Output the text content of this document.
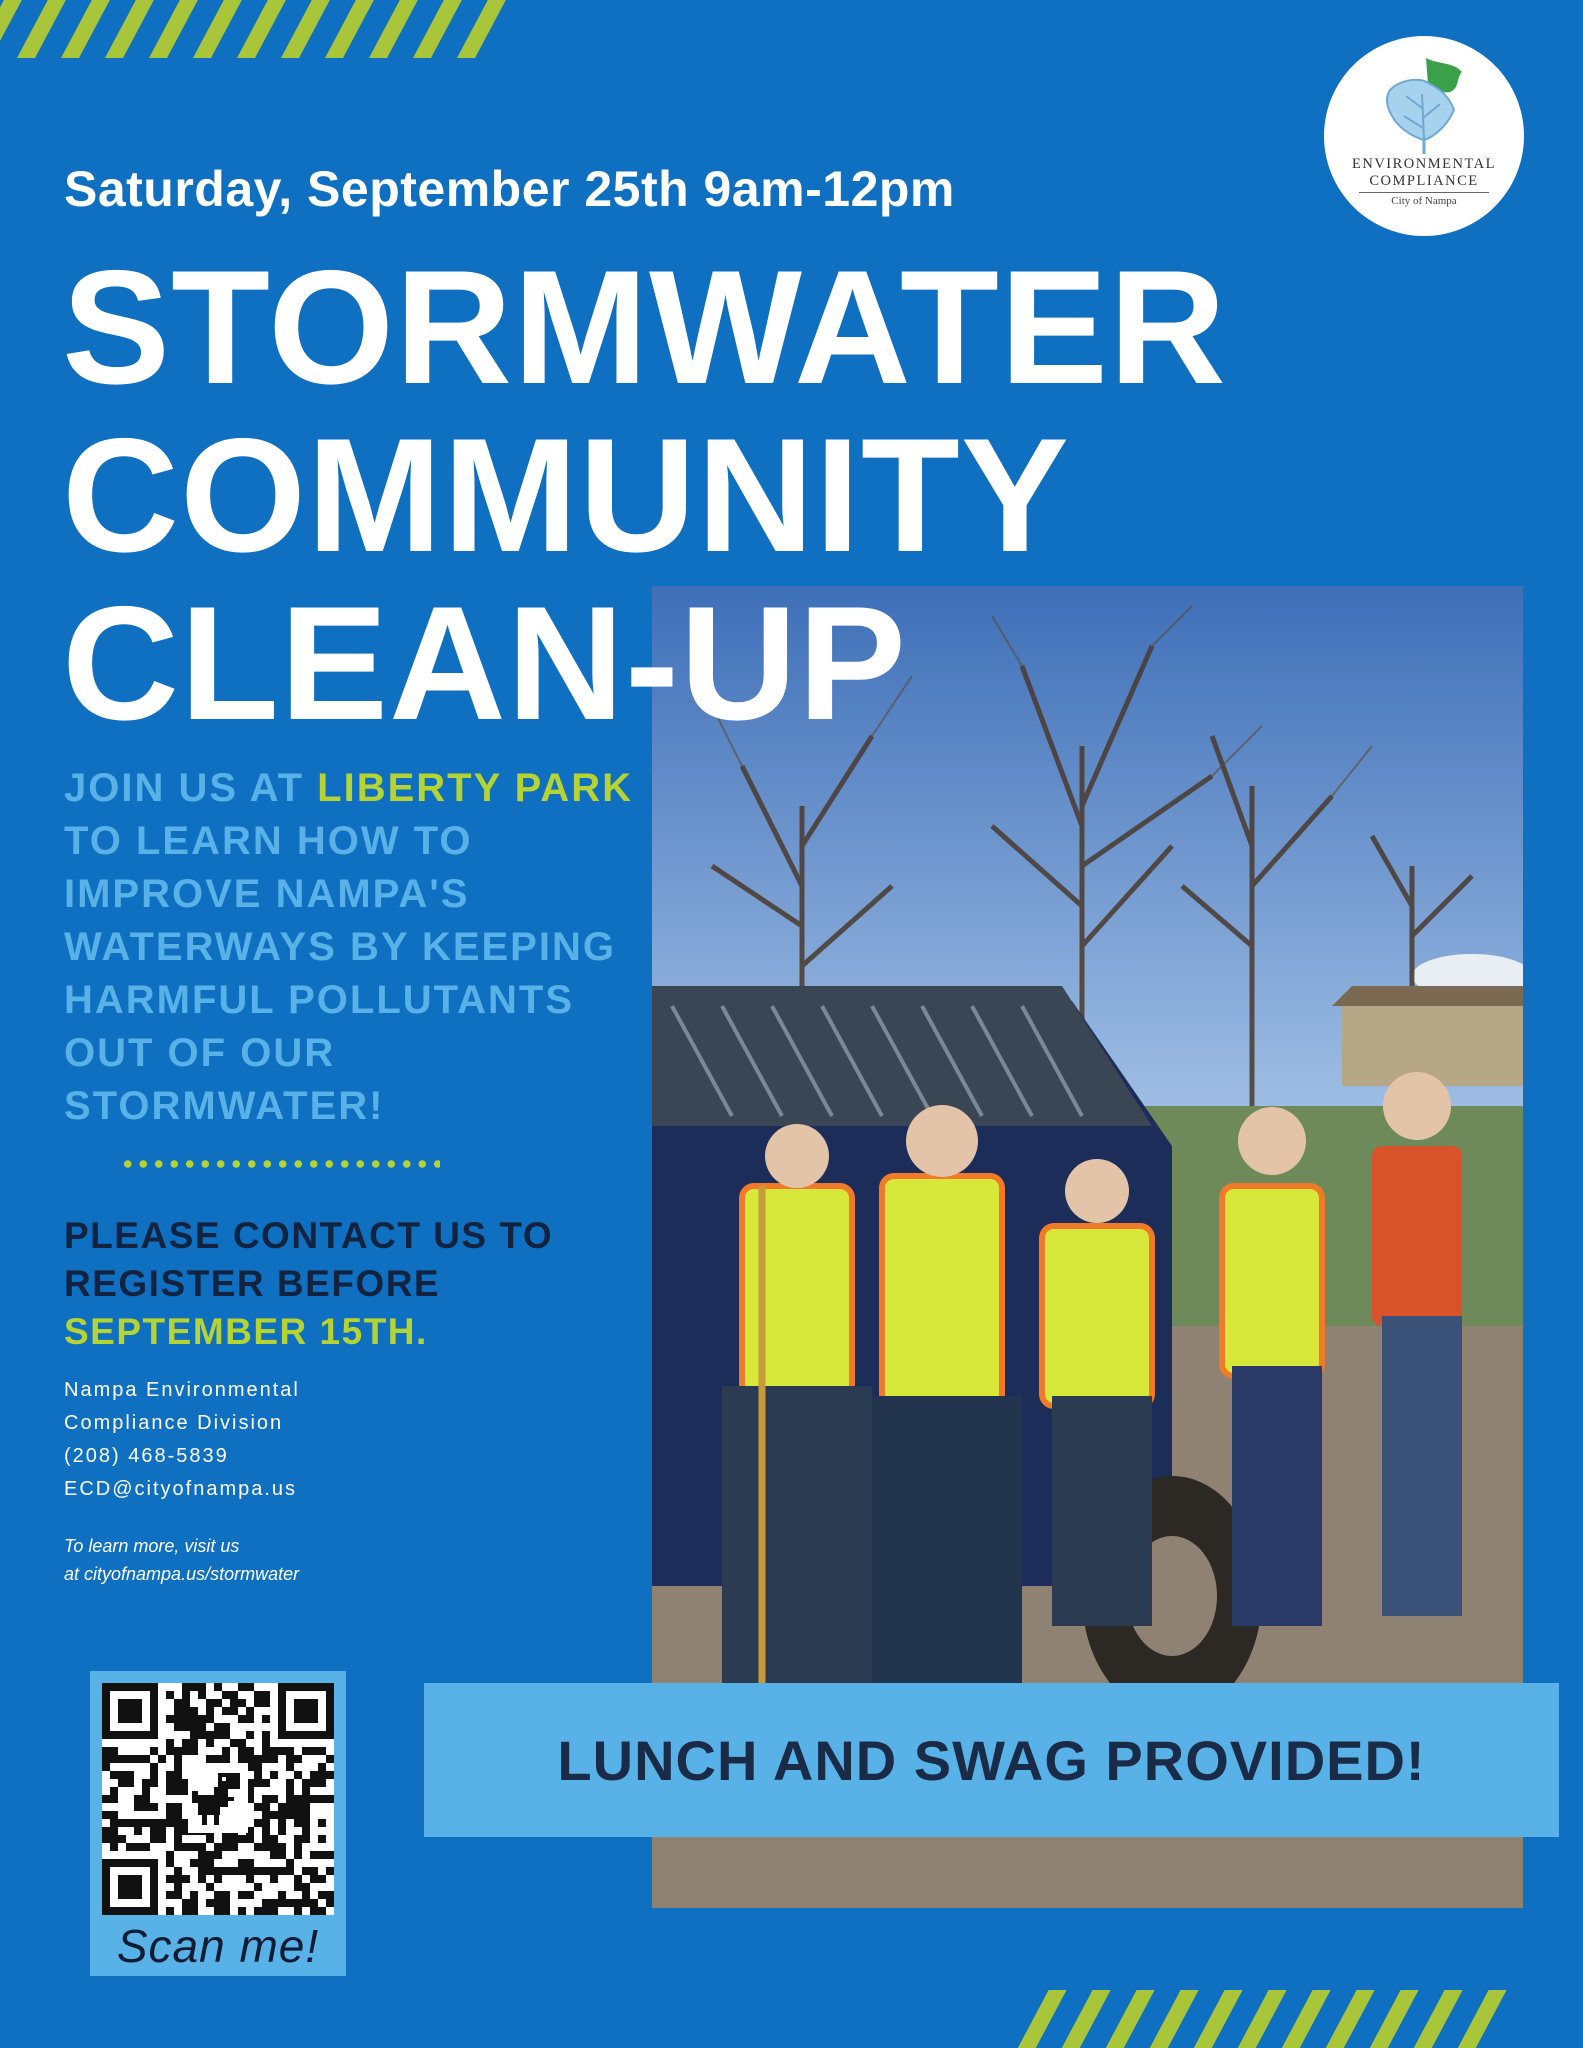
ENVIRONMENTAL
COMPLIANCE
City of Nampa
Saturday, September 25th 9am-12pm
STORMWATER
COMMUNITY
CLEAN-UP
JOIN US AT LIBERTY PARK TO LEARN HOW TO IMPROVE NAMPA'S WATERWAYS BY KEEPING HARMFUL POLLUTANTS OUT OF OUR STORMWATER!
PLEASE CONTACT US TO REGISTER BEFORE SEPTEMBER 15TH.
Nampa Environmental
Compliance Division
(208) 468-5839
ECD@cityofnampa.us
To learn more, visit us
at cityofnampa.us/stormwater
Scan me!
LUNCH AND SWAG PROVIDED!
